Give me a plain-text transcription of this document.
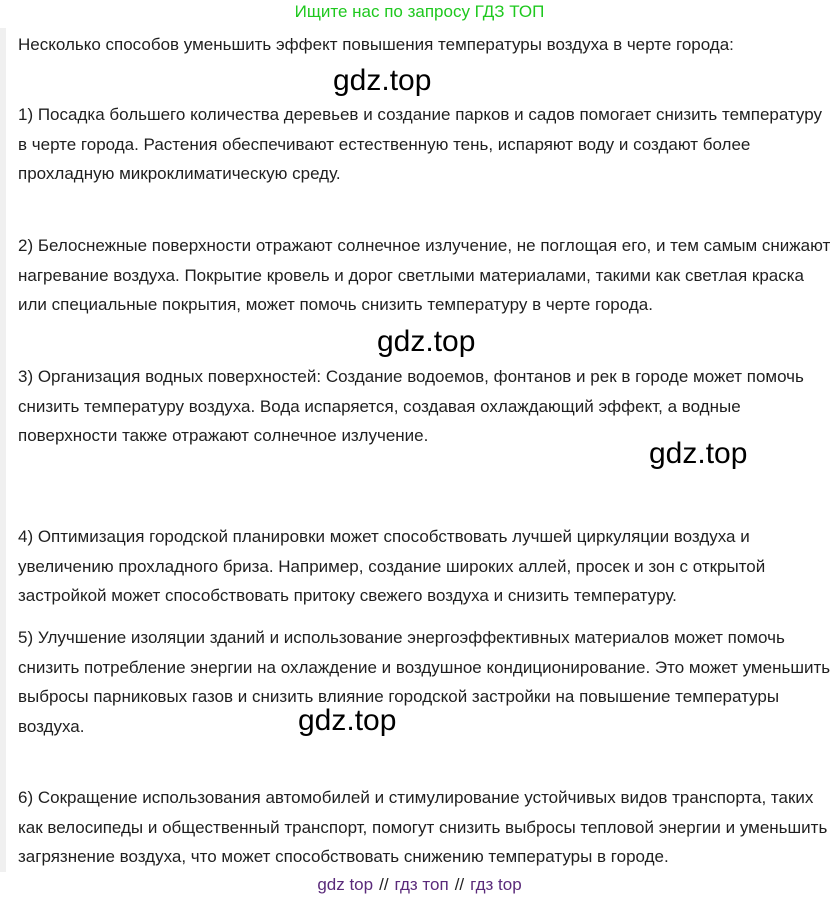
Ищите нас по запросу ГДЗ ТОП

Несколько способов уменьшить эффект повышения температуры воздуха в черте города:

1) Посадка большего количества деревьев и создание парков и садов помогает снизить температуру в черте города. Растения обеспечивают естественную тень, испаряют воду и создают более прохладную микроклиматическую среду.

2) Белоснежные поверхности отражают солнечное излучение, не поглощая его, и тем самым снижают нагревание воздуха. Покрытие кровель и дорог светлыми материалами, такими как светлая краска или специальные покрытия, может помочь снизить температуру в черте города.

3) Организация водных поверхностей: Создание водоемов, фонтанов и рек в городе может помочь снизить температуру воздуха. Вода испаряется, создавая охлаждающий эффект, а водные поверхности также отражают солнечное излучение.

4) Оптимизация городской планировки может способствовать лучшей циркуляции воздуха и увеличению прохладного бриза. Например, создание широких аллей, просек и зон с открытой застройкой может способствовать притоку свежего воздуха и снизить температуру.

5) Улучшение изоляции зданий и использование энергоэффективных материалов может помочь снизить потребление энергии на охлаждение и воздушное кондиционирование. Это может уменьшить выбросы парниковых газов и снизить влияние городской застройки на повышение температуры воздуха.

6) Сокращение использования автомобилей и стимулирование устойчивых видов транспорта, таких как велосипеды и общественный транспорт, помогут снизить выбросы тепловой энергии и уменьшить загрязнение воздуха, что может способствовать снижению температуры в городе.

gdz.top
gdz.top
gdz.top
gdz.top
gdz top // гдз топ // гдз top
